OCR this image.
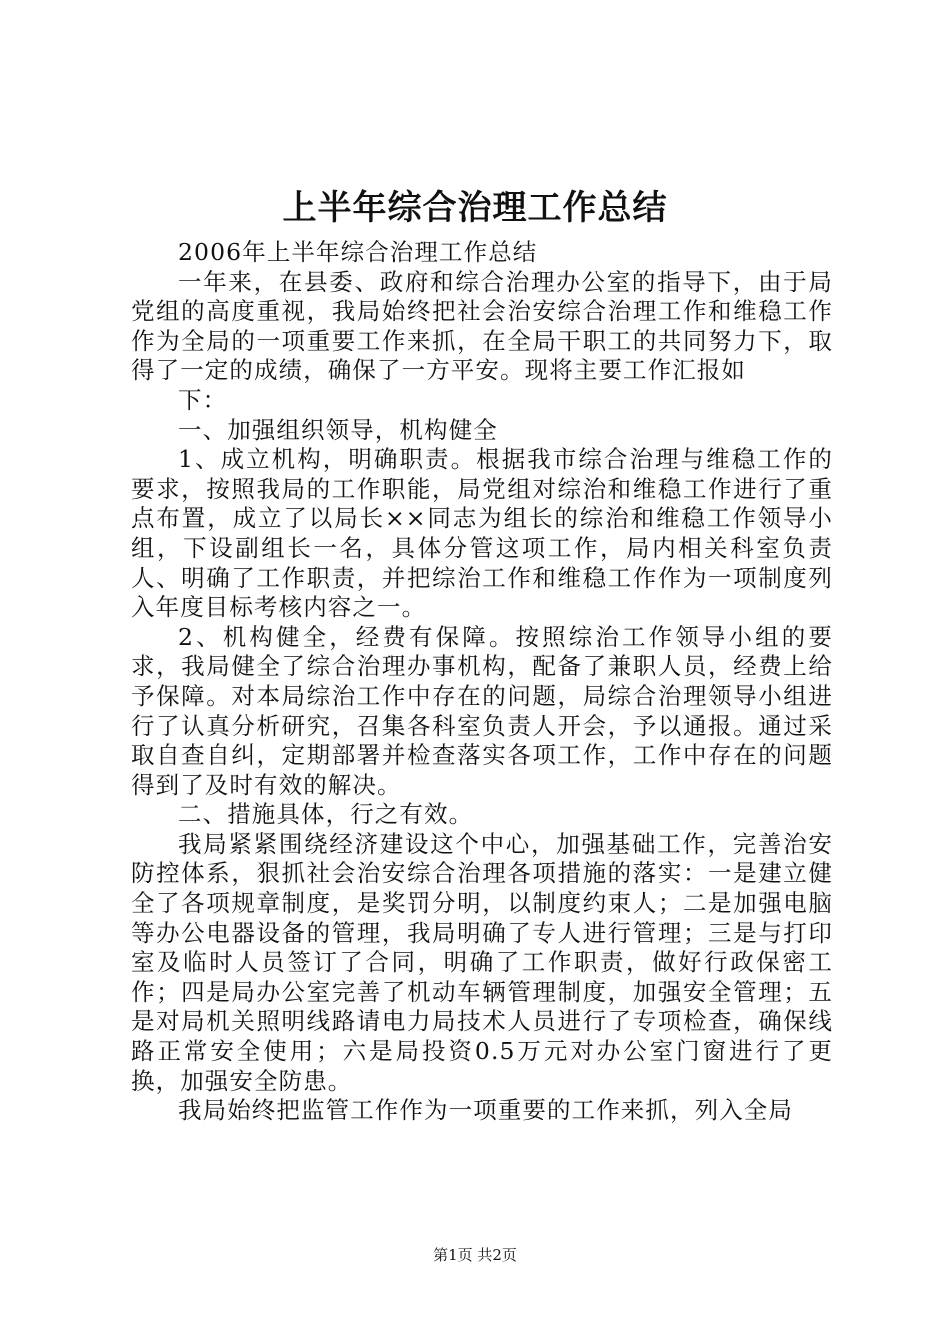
上半年综合治理工作总结

2006年上半年综合治理工作总结

一年来，在县委、政府和综合治理办公室的指导下，由于局党组的高度重视，我局始终把社会治安综合治理工作和维稳工作作为全局的一项重要工作来抓，在全局干职工的共同努力下，取得了一定的成绩，确保了一方平安。现将主要工作汇报如

下：

一、加强组织领导，机构健全

1、成立机构，明确职责。根据我市综合治理与维稳工作的要求，按照我局的工作职能，局党组对综治和维稳工作进行了重点布置，成立了以局长××同志为组长的综治和维稳工作领导小组，下设副组长一名，具体分管这项工作，局内相关科室负责人、明确了工作职责，并把综治工作和维稳工作作为一项制度列入年度目标考核内容之一。

2、机构健全，经费有保障。按照综治工作领导小组的要求，我局健全了综合治理办事机构，配备了兼职人员，经费上给予保障。对本局综治工作中存在的问题，局综合治理领导小组进行了认真分析研究，召集各科室负责人开会，予以通报。通过采取自查自纠，定期部署并检查落实各项工作，工作中存在的问题得到了及时有效的解决。

二、措施具体，行之有效。

我局紧紧围绕经济建设这个中心，加强基础工作，完善治安防控体系，狠抓社会治安综合治理各项措施的落实：一是建立健全了各项规章制度，是奖罚分明，以制度约束人；二是加强电脑等办公电器设备的管理，我局明确了专人进行管理；三是与打印室及临时人员签订了合同，明确了工作职责，做好行政保密工作；四是局办公室完善了机动车辆管理制度，加强安全管理；五是对局机关照明线路请电力局技术人员进行了专项检查，确保线路正常安全使用；六是局投资0.5万元对办公室门窗进行了更换，加强安全防患。

我局始终把监管工作作为一项重要的工作来抓，列入全局

第1页 共2页
